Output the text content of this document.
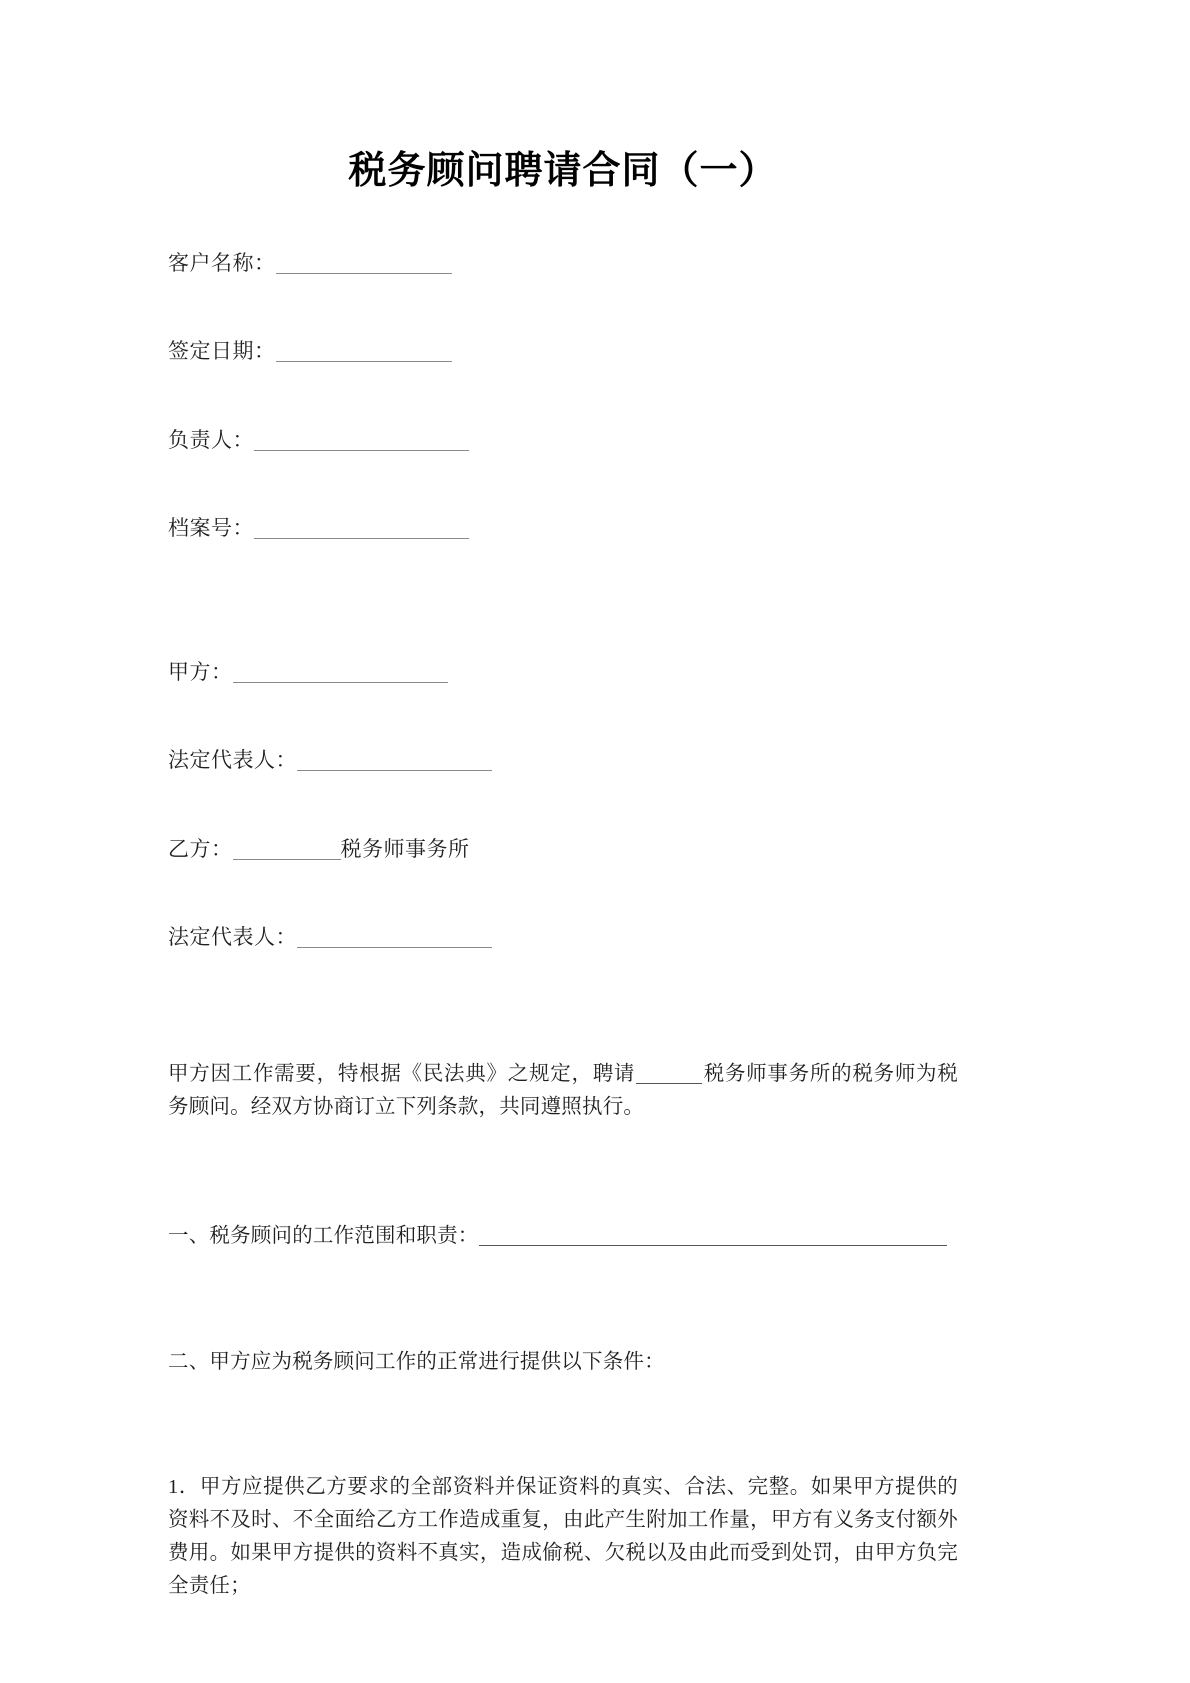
税务顾问聘请合同（一）
客户名称：
签定日期：
负责人：
档案号：
甲方：
法定代表人：
乙方：	税务师事务所
法定代表人：

甲方因工作需要，特根据《民法典》之规定，聘请	税务师事务所的税务师为税务顾问。经双方协商订立下列条款，共同遵照执行。

一、税务顾问的工作范围和职责：

二、甲方应为税务顾问工作的正常进行提供以下条件：

1．甲方应提供乙方要求的全部资料并保证资料的真实、合法、完整。如果甲方提供的资料不及时、不全面给乙方工作造成重复，由此产生附加工作量，甲方有义务支付额外费用。如果甲方提供的资料不真实，造成偷税、欠税以及由此而受到处罚，由甲方负完全责任；
